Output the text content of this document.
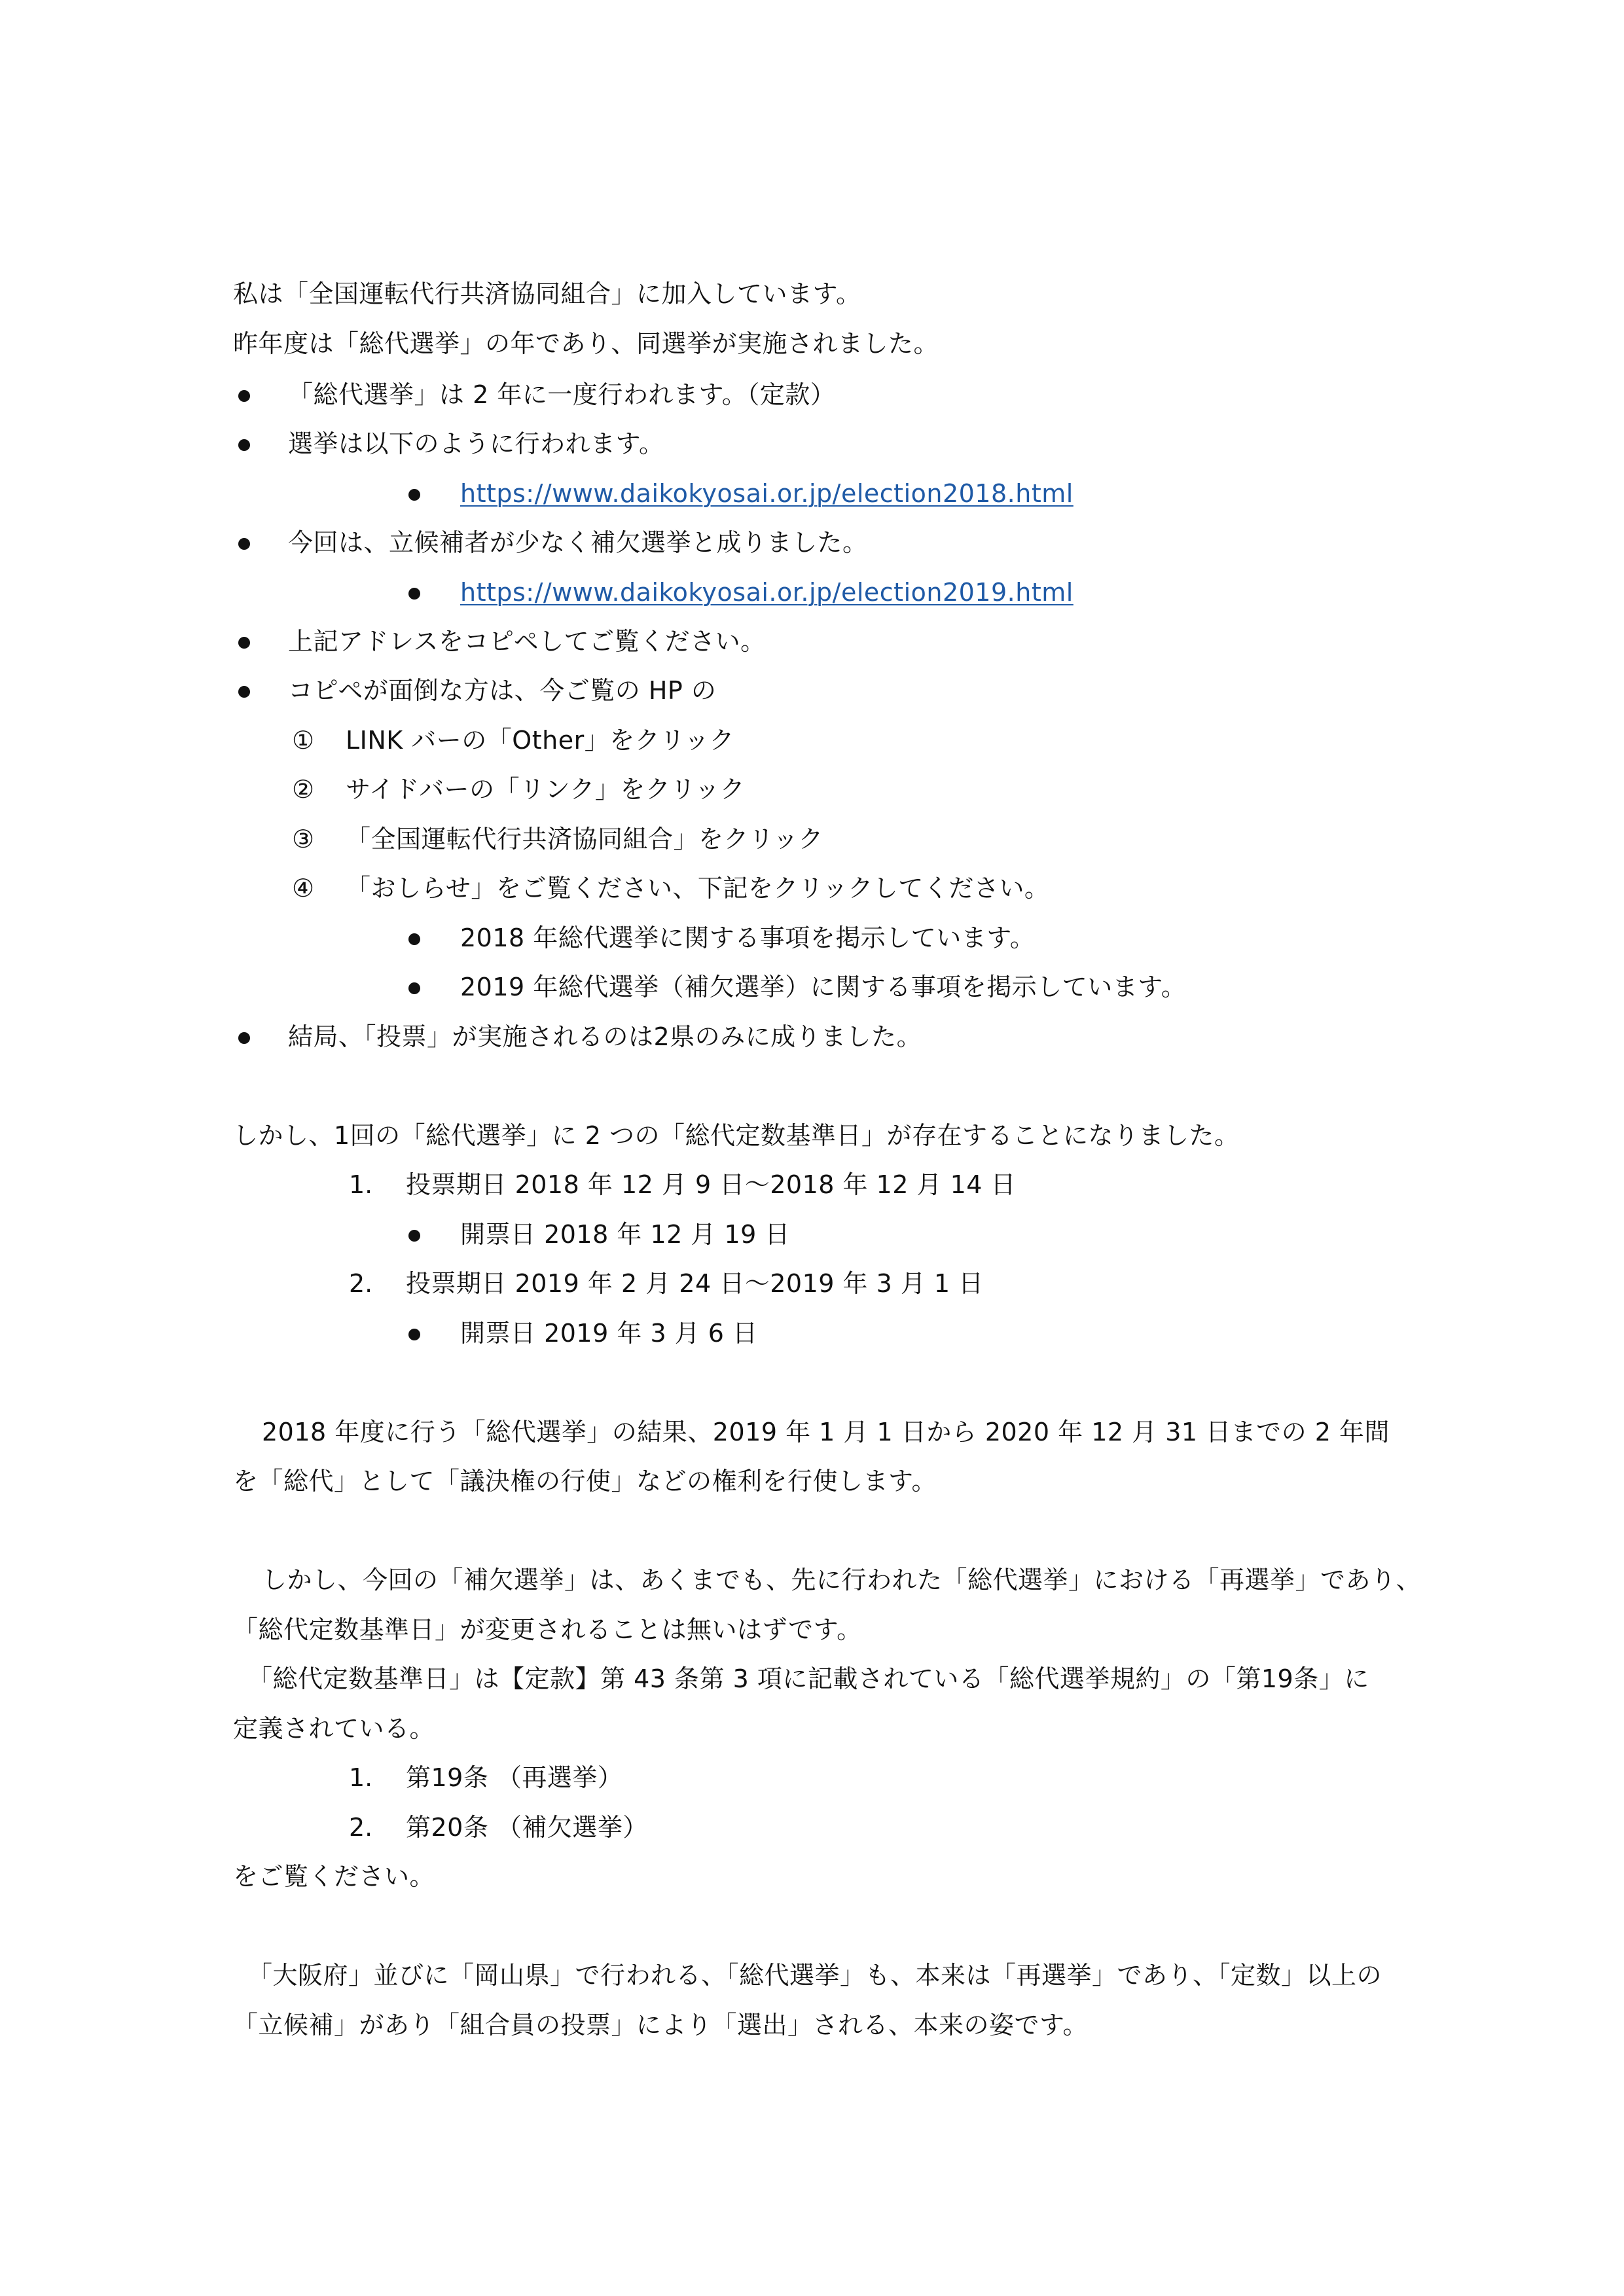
私は「全国運転代行共済協同組合」に加入しています。
昨年度は「総代選挙」の年であり、同選挙が実施されました。
「総代選挙」は 2 年に一度行われます。（定款）
選挙は以下のように行われます。
https://www.daikokyosai.or.jp/election2018.html
今回は、立候補者が少なく補欠選挙と成りました。
https://www.daikokyosai.or.jp/election2019.html
上記アドレスをコピペしてご覧ください。
コピペが面倒な方は、今ご覧の HP の
① LINK バーの「Other」をクリック
② サイドバーの「リンク」をクリック
③ 「全国運転代行共済協同組合」をクリック
④ 「おしらせ」をご覧ください、下記をクリックしてください。
2018 年総代選挙に関する事項を掲示しています。
2019 年総代選挙（補欠選挙）に関する事項を掲示しています。
結局、「投票」が実施されるのは2県のみに成りました。
しかし、1回の「総代選挙」に 2 つの「総代定数基準日」が存在することになりました。
1. 投票期日 2018 年 12 月 9 日～2018 年 12 月 14 日
開票日 2018 年 12 月 19 日
2. 投票期日 2019 年 2 月 24 日～2019 年 3 月 1 日
開票日 2019 年 3 月 6 日
2018 年度に行う「総代選挙」の結果、2019 年 1 月 1 日から 2020 年 12 月 31 日までの 2 年間
を「総代」として「議決権の行使」などの権利を行使します。
しかし、今回の「補欠選挙」は、あくまでも、先に行われた「総代選挙」における「再選挙」であり、
「総代定数基準日」が変更されることは無いはずです。
「総代定数基準日」は【定款】第 43 条第 3 項に記載されている「総代選挙規約」の「第19条」に
定義されている。
1. 第19条 （再選挙）
2. 第20条 （補欠選挙）
をご覧ください。
「大阪府」並びに「岡山県」で行われる、「総代選挙」も、本来は「再選挙」であり、「定数」以上の
「立候補」があり「組合員の投票」により「選出」される、本来の姿です。
